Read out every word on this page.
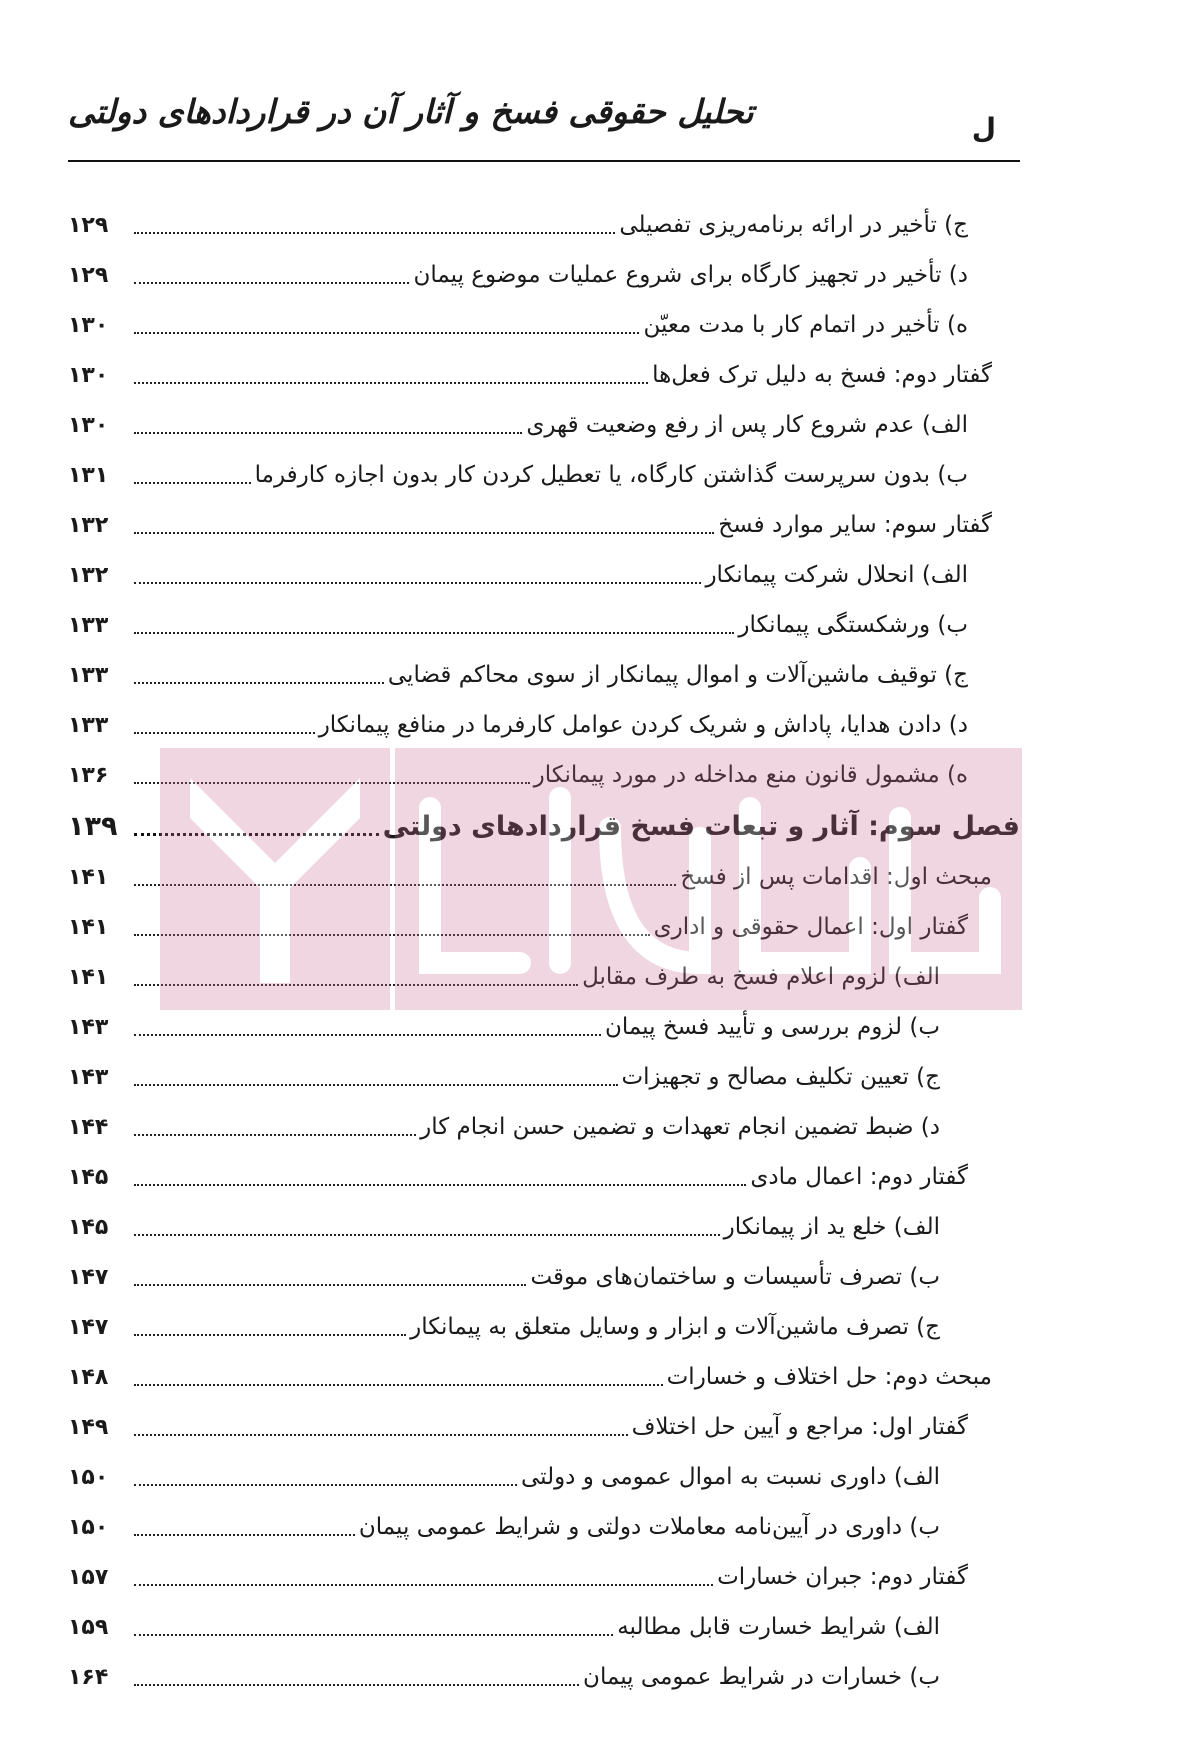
ل
تحلیل حقوقی فسخ و آثار آن در قراردادهای دولتی
ج) تأخیر در ارائه برنامه‌ریزی تفصیلی
۱۲۹
د) تأخیر در تجهیز کارگاه برای شروع عملیات موضوع پیمان
۱۲۹
ه) تأخیر در اتمام کار با مدت معیّن
۱۳۰
گفتار دوم: فسخ به دلیل ترک فعل‌ها
۱۳۰
الف) عدم شروع کار پس از رفع وضعیت قهری
۱۳۰
ب) بدون سرپرست گذاشتن کارگاه، یا تعطیل کردن کار بدون اجازه کارفرما
۱۳۱
گفتار سوم: سایر موارد فسخ
۱۳۲
الف) انحلال شرکت پیمانکار
۱۳۲
ب) ورشکستگی پیمانکار
۱۳۳
ج) توقیف ماشین‌آلات و اموال پیمانکار از سوی محاکم قضایی
۱۳۳
د) دادن هدایا، پاداش و شریک کردن عوامل کارفرما در منافع پیمانکار
۱۳۳
ه) مشمول قانون منع مداخله در مورد پیمانکار
۱۳۶
فصل سوم: آثار و تبعات فسخ قراردادهای دولتی
۱۳۹
مبحث اول: اقدامات پس از فسخ
۱۴۱
گفتار اول: اعمال حقوقی و اداری
۱۴۱
الف) لزوم اعلام فسخ به طرف مقابل
۱۴۱
ب) لزوم بررسی و تأیید فسخ پیمان
۱۴۳
ج) تعیین تکلیف مصالح و تجهیزات
۱۴۳
د) ضبط تضمین انجام تعهدات و تضمین حسن انجام کار
۱۴۴
گفتار دوم: اعمال مادی
۱۴۵
الف) خلع ید از پیمانکار
۱۴۵
ب) تصرف تأسیسات و ساختمان‌های موقت
۱۴۷
ج) تصرف ماشین‌آلات و ابزار و وسایل متعلق به پیمانکار
۱۴۷
مبحث دوم: حل اختلاف و خسارات
۱۴۸
گفتار اول: مراجع و آیین حل اختلاف
۱۴۹
الف) داوری نسبت به اموال عمومی و دولتی
۱۵۰
ب) داوری در آیین‌نامه معاملات دولتی و شرایط عمومی پیمان
۱۵۰
گفتار دوم: جبران خسارات
۱۵۷
الف) شرایط خسارت قابل مطالبه
۱۵۹
ب) خسارات در شرایط عمومی پیمان
۱۶۴
